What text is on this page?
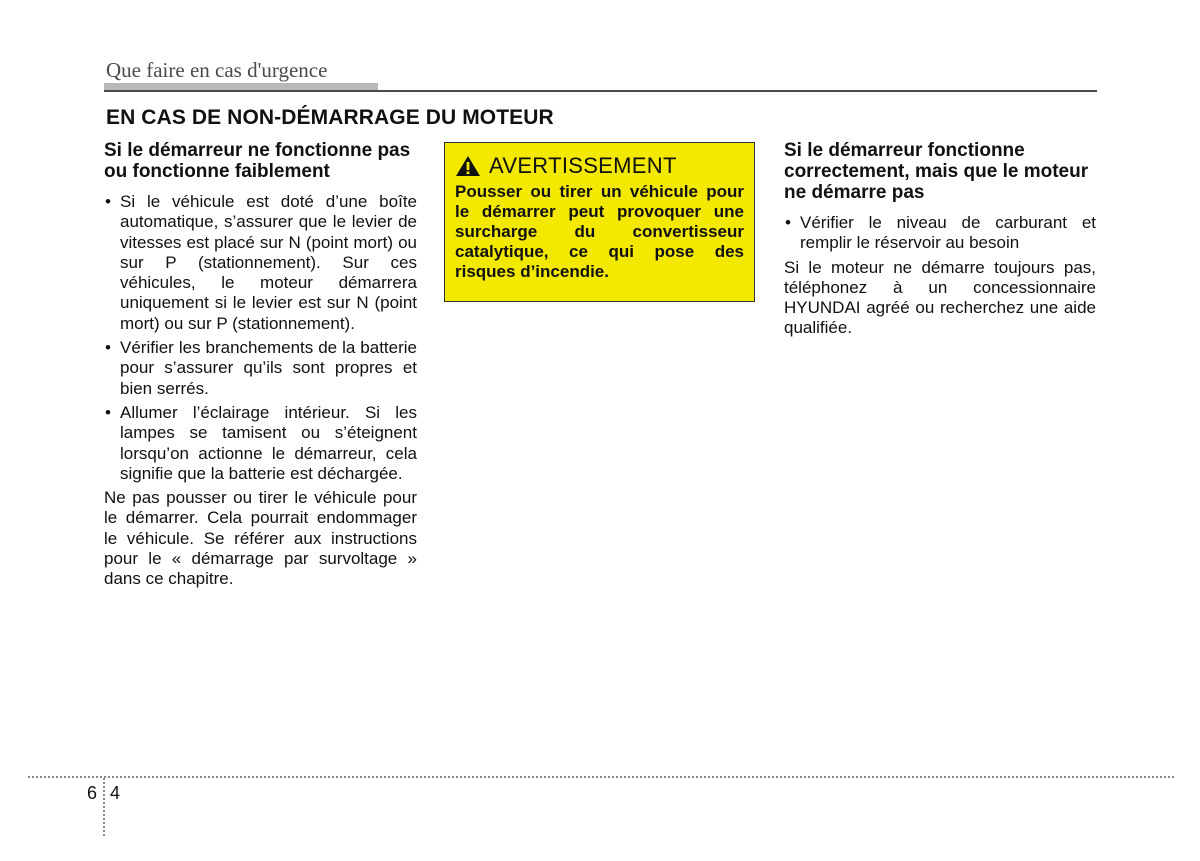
Que faire en cas d'urgence
EN CAS DE NON-DÉMARRAGE DU MOTEUR
Si le démarreur ne fonctionne pas ou fonctionne faiblement
• Si le véhicule est doté d’une boîte automatique, s’assurer que le levier de vitesses est placé sur N (point mort) ou sur P (stationnement). Sur ces véhicules, le moteur démarrera uniquement si le levier est sur N (point mort) ou sur P (stationnement).
• Vérifier les branchements de la batterie pour s’assurer qu’ils sont propres et bien serrés.
• Allumer l’éclairage intérieur. Si les lampes se tamisent ou s’éteignent lorsqu’on actionne le démarreur, cela signifie que la batterie est déchargée.

Ne pas pousser ou tirer le véhicule pour le démarrer. Cela pourrait endommager le véhicule. Se référer aux instructions pour le « démarrage par survoltage » dans ce chapitre.

AVERTISSEMENT
Pousser ou tirer un véhicule pour le démarrer peut provoquer une surcharge du convertisseur catalytique, ce qui pose des risques d’incendie.
Si le démarreur fonctionne correctement, mais que le moteur ne démarre pas
• Vérifier le niveau de carburant et remplir le réservoir au besoin

Si le moteur ne démarre toujours pas, téléphonez à un concessionnaire HYUNDAI agréé ou recherchez une aide qualifiée.

6 4
